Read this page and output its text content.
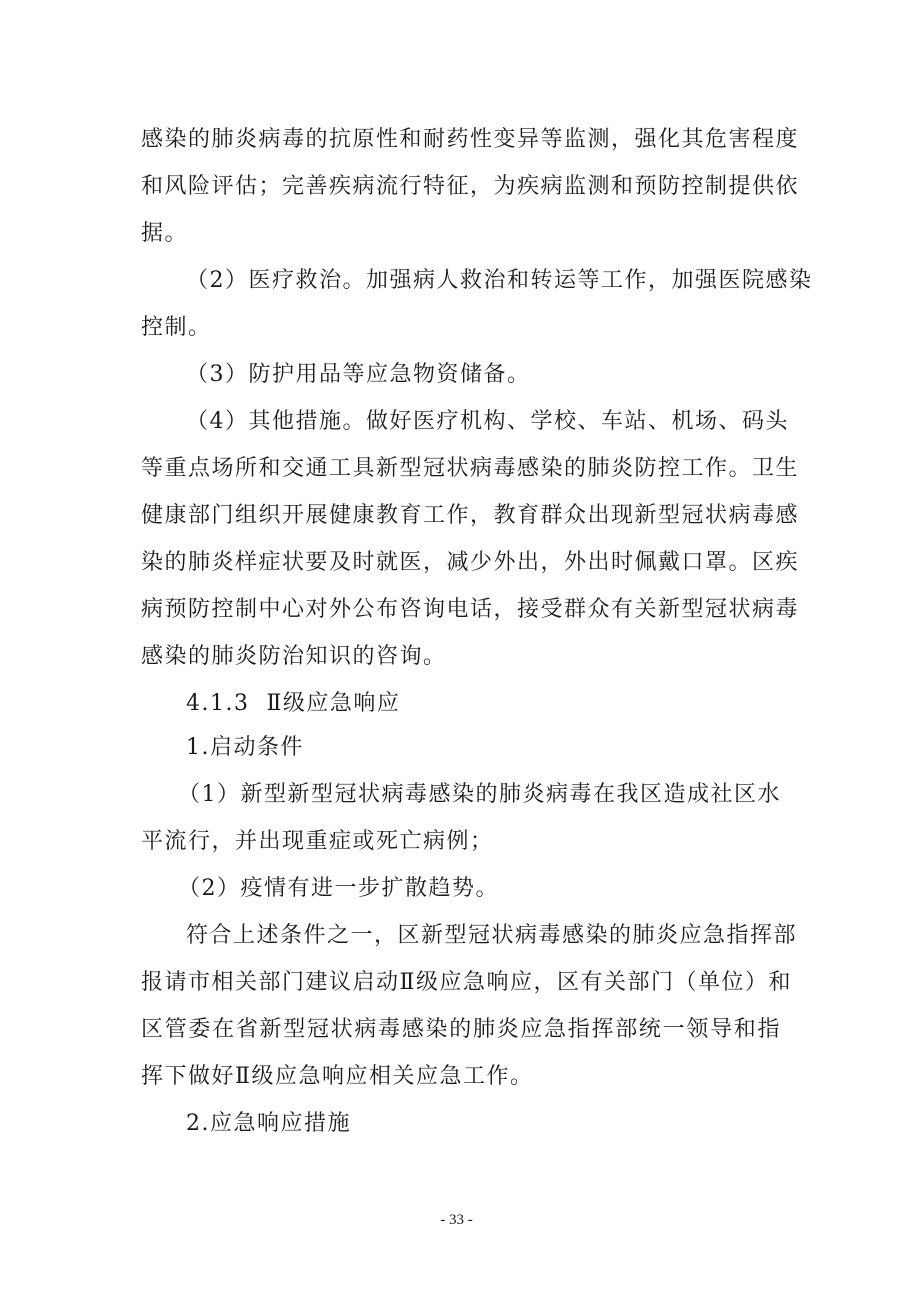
感染的肺炎病毒的抗原性和耐药性变异等监测，强化其危害程度
和风险评估；完善疾病流行特征，为疾病监测和预防控制提供依
据。
（2）医疗救治。加强病人救治和转运等工作，加强医院感染
控制。
（3）防护用品等应急物资储备。
（4）其他措施。做好医疗机构、学校、车站、机场、码头
等重点场所和交通工具新型冠状病毒感染的肺炎防控工作。卫生
健康部门组织开展健康教育工作，教育群众出现新型冠状病毒感
染的肺炎样症状要及时就医，减少外出，外出时佩戴口罩。区疾
病预防控制中心对外公布咨询电话，接受群众有关新型冠状病毒
感染的肺炎防治知识的咨询。
4.1.3  Ⅱ级应急响应
1.启动条件
（1）新型新型冠状病毒感染的肺炎病毒在我区造成社区水
平流行，并出现重症或死亡病例；
（2）疫情有进一步扩散趋势。
符合上述条件之一，区新型冠状病毒感染的肺炎应急指挥部
报请市相关部门建议启动Ⅱ级应急响应，区有关部门（单位）和
区管委在省新型冠状病毒感染的肺炎应急指挥部统一领导和指
挥下做好Ⅱ级应急响应相关应急工作。
2.应急响应措施
- 33 -
